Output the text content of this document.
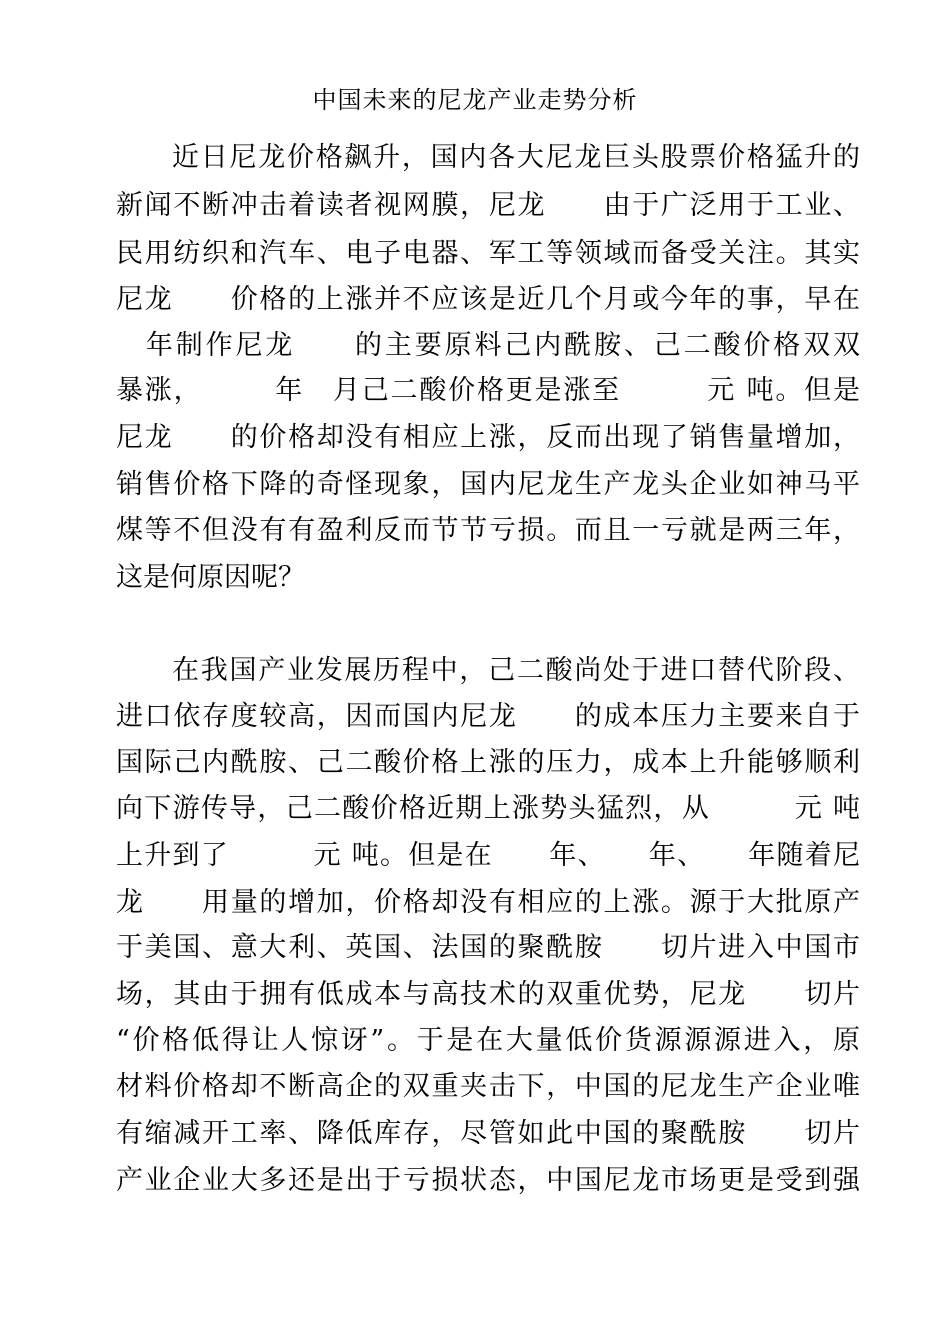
中国未来的尼龙产业走势分析
近日尼龙价格飙升，国内各大尼龙巨头股票价格猛升的
新闻不断冲击着读者视网膜，尼龙　　由于广泛用于工业、
民用纺织和汽车、电子电器、军工等领域而备受关注。其实
尼龙　　价格的上涨并不应该是近几个月或今年的事，早在
　年制作尼龙　　的主要原料己内酰胺、己二酸价格双双
暴涨，　　　年　月己二酸价格更是涨至　　　元 吨。但是
尼龙　　的价格却没有相应上涨，反而出现了销售量增加，
销售价格下降的奇怪现象，国内尼龙生产龙头企业如神马平
煤等不但没有有盈利反而节节亏损。而且一亏就是两三年，
这是何原因呢？
在我国产业发展历程中，己二酸尚处于进口替代阶段、
进口依存度较高，因而国内尼龙　　的成本压力主要来自于
国际己内酰胺、己二酸价格上涨的压力，成本上升能够顺利
向下游传导，己二酸价格近期上涨势头猛烈，从　　　元 吨
上升到了　　　元 吨。但是在　　年、　　年、　　年随着尼
龙　　用量的增加，价格却没有相应的上涨。源于大批原产
于美国、意大利、英国、法国的聚酰胺　　切片进入中国市
场，其由于拥有低成本与高技术的双重优势，尼龙　　切片
“价格低得让人惊讶”。于是在大量低价货源源源进入，原
材料价格却不断高企的双重夹击下，中国的尼龙生产企业唯
有缩减开工率、降低库存，尽管如此中国的聚酰胺　　切片
产业企业大多还是出于亏损状态，中国尼龙市场更是受到强
